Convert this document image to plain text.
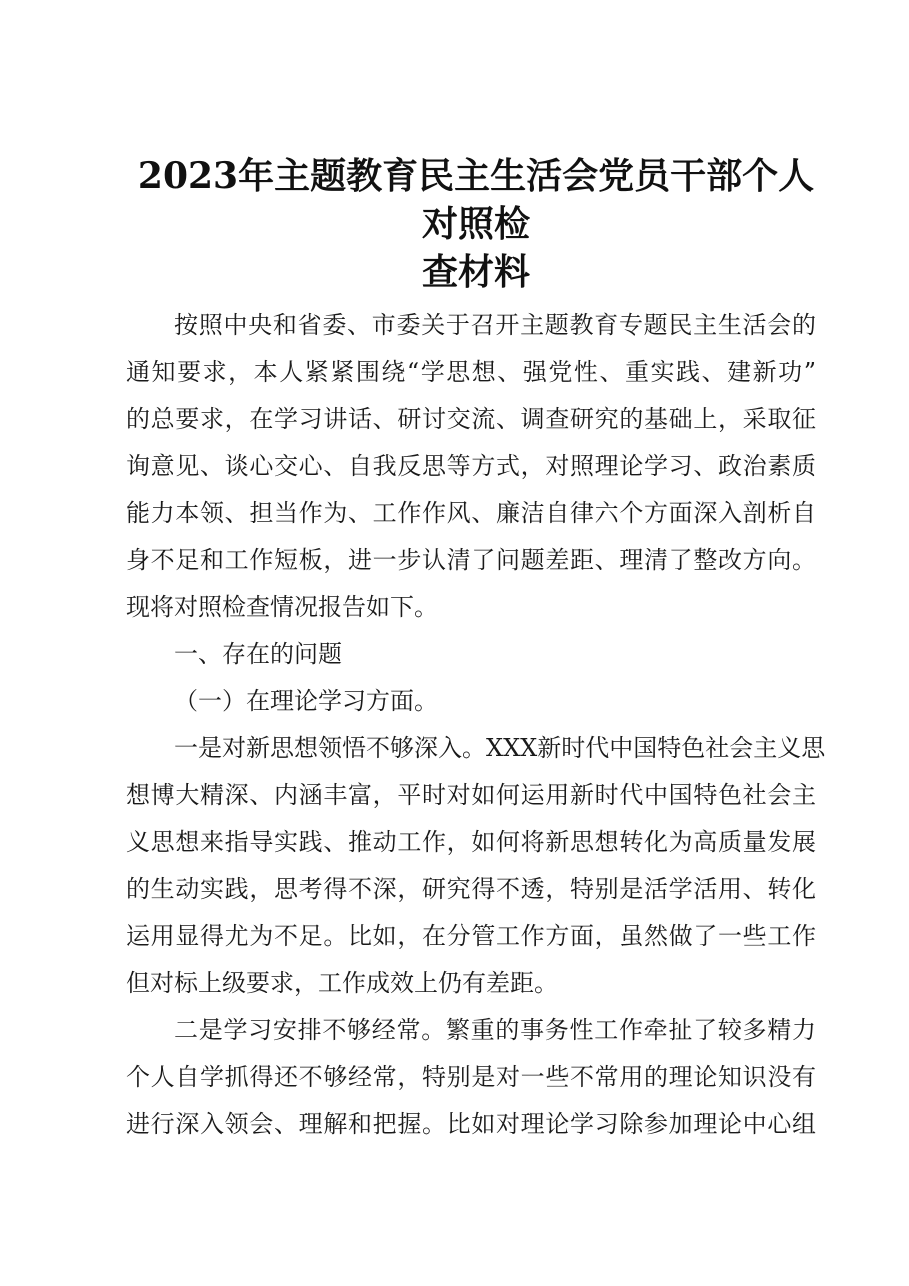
2023年主题教育民主生活会党员干部个人对照检
查材料
按照中央和省委、市委关于召开主题教育专题民主生活会的
通知要求，本人紧紧围绕“学思想、强党性、重实践、建新功”
的总要求，在学习讲话、研讨交流、调查研究的基础上，采取征
询意见、谈心交心、自我反思等方式，对照理论学习、政治素质
能力本领、担当作为、工作作风、廉洁自律六个方面深入剖析自
身不足和工作短板，进一步认清了问题差距、理清了整改方向。
现将对照检查情况报告如下。
一、存在的问题
（一）在理论学习方面。
一是对新思想领悟不够深入。XXX新时代中国特色社会主义思
想博大精深、内涵丰富，平时对如何运用新时代中国特色社会主
义思想来指导实践、推动工作，如何将新思想转化为高质量发展
的生动实践，思考得不深，研究得不透，特别是活学活用、转化
运用显得尤为不足。比如，在分管工作方面，虽然做了一些工作
但对标上级要求，工作成效上仍有差距。
二是学习安排不够经常。繁重的事务性工作牵扯了较多精力
个人自学抓得还不够经常，特别是对一些不常用的理论知识没有
进行深入领会、理解和把握。比如对理论学习除参加理论中心组
